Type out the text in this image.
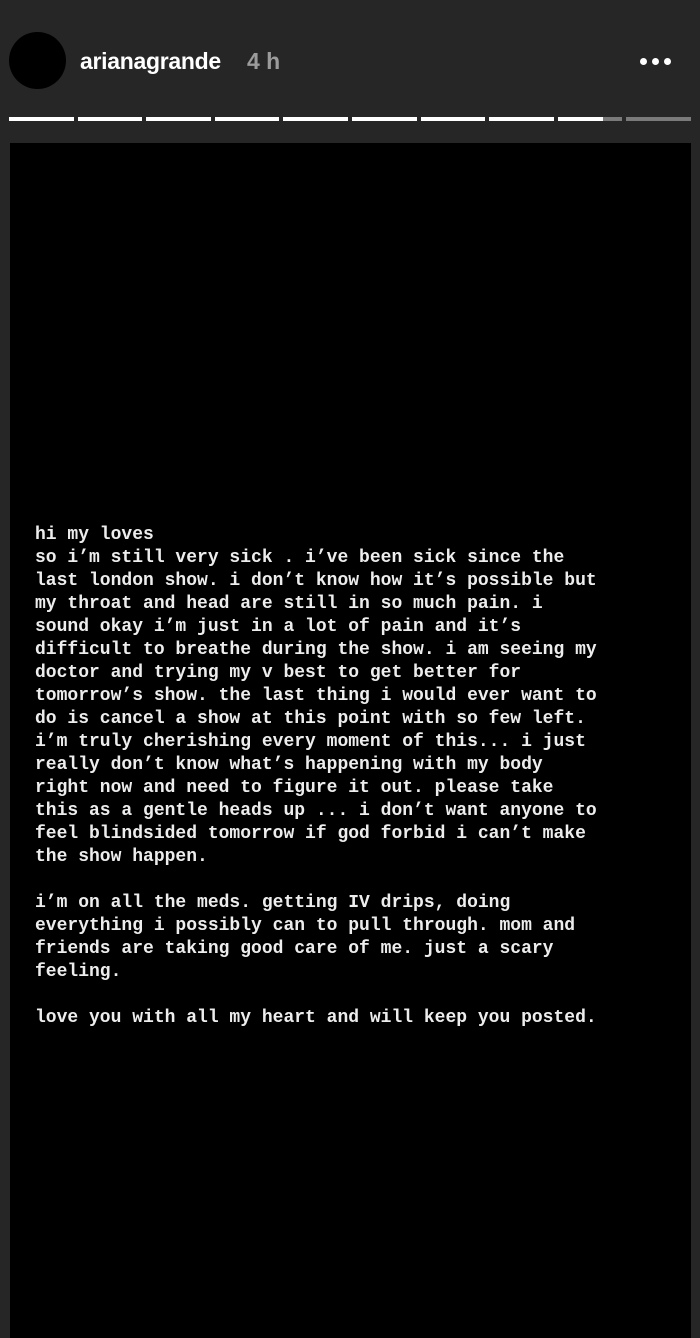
arianagrande 4 h
hi my loves
so i’m still very sick . i’ve been sick since the
last london show. i don’t know how it’s possible but
my throat and head are still in so much pain. i
sound okay i’m just in a lot of pain and it’s
difficult to breathe during the show. i am seeing my
doctor and trying my v best to get better for
tomorrow’s show. the last thing i would ever want to
do is cancel a show at this point with so few left.
i’m truly cherishing every moment of this... i just
really don’t know what’s happening with my body
right now and need to figure it out. please take
this as a gentle heads up ... i don’t want anyone to
feel blindsided tomorrow if god forbid i can’t make
the show happen.

i’m on all the meds. getting IV drips, doing
everything i possibly can to pull through. mom and
friends are taking good care of me. just a scary
feeling.

love you with all my heart and will keep you posted.
